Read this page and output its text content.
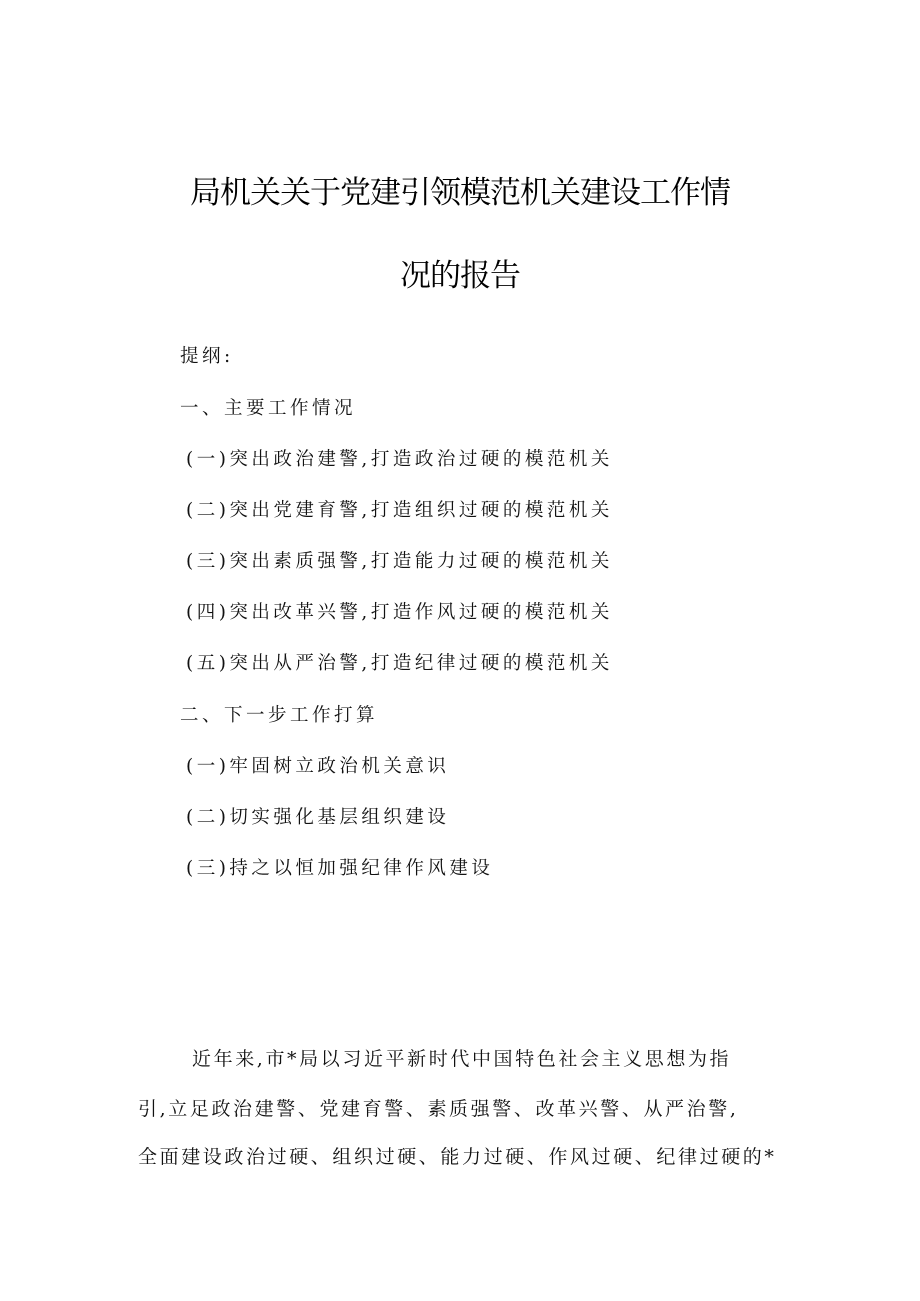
局机关关于党建引领模范机关建设工作情
况的报告
提纲:
一、主要工作情况
(一)突出政治建警,打造政治过硬的模范机关
(二)突出党建育警,打造组织过硬的模范机关
(三)突出素质强警,打造能力过硬的模范机关
(四)突出改革兴警,打造作风过硬的模范机关
(五)突出从严治警,打造纪律过硬的模范机关
二、下一步工作打算
(一)牢固树立政治机关意识
(二)切实强化基层组织建设
(三)持之以恒加强纪律作风建设
近年来,市*局以习近平新时代中国特色社会主义思想为指
引,立足政治建警、党建育警、素质强警、改革兴警、从严治警,
全面建设政治过硬、组织过硬、能力过硬、作风过硬、纪律过硬的*
